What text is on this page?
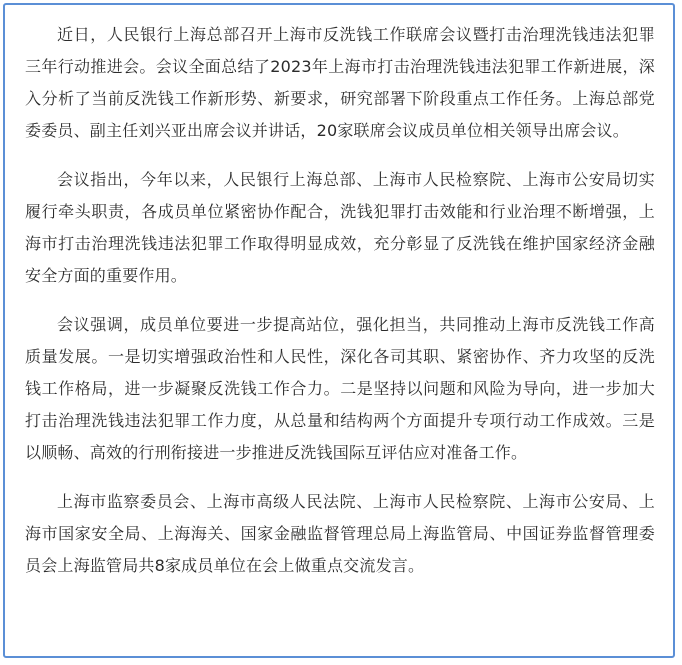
近日，人民银行上海总部召开上海市反洗钱工作联席会议暨打击治理洗钱违法犯罪三年行动推进会。会议全面总结了2023年上海市打击治理洗钱违法犯罪工作新进展，深入分析了当前反洗钱工作新形势、新要求，研究部署下阶段重点工作任务。上海总部党委委员、副主任刘兴亚出席会议并讲话，20家联席会议成员单位相关领导出席会议。

会议指出，今年以来，人民银行上海总部、上海市人民检察院、上海市公安局切实履行牵头职责，各成员单位紧密协作配合，洗钱犯罪打击效能和行业治理不断增强，上海市打击治理洗钱违法犯罪工作取得明显成效，充分彰显了反洗钱在维护国家经济金融安全方面的重要作用。

会议强调，成员单位要进一步提高站位，强化担当，共同推动上海市反洗钱工作高质量发展。一是切实增强政治性和人民性，深化各司其职、紧密协作、齐力攻坚的反洗钱工作格局，进一步凝聚反洗钱工作合力。二是坚持以问题和风险为导向，进一步加大打击治理洗钱违法犯罪工作力度，从总量和结构两个方面提升专项行动工作成效。三是以顺畅、高效的行刑衔接进一步推进反洗钱国际互评估应对准备工作。

上海市监察委员会、上海市高级人民法院、上海市人民检察院、上海市公安局、上海市国家安全局、上海海关、国家金融监督管理总局上海监管局、中国证券监督管理委员会上海监管局共8家成员单位在会上做重点交流发言。
